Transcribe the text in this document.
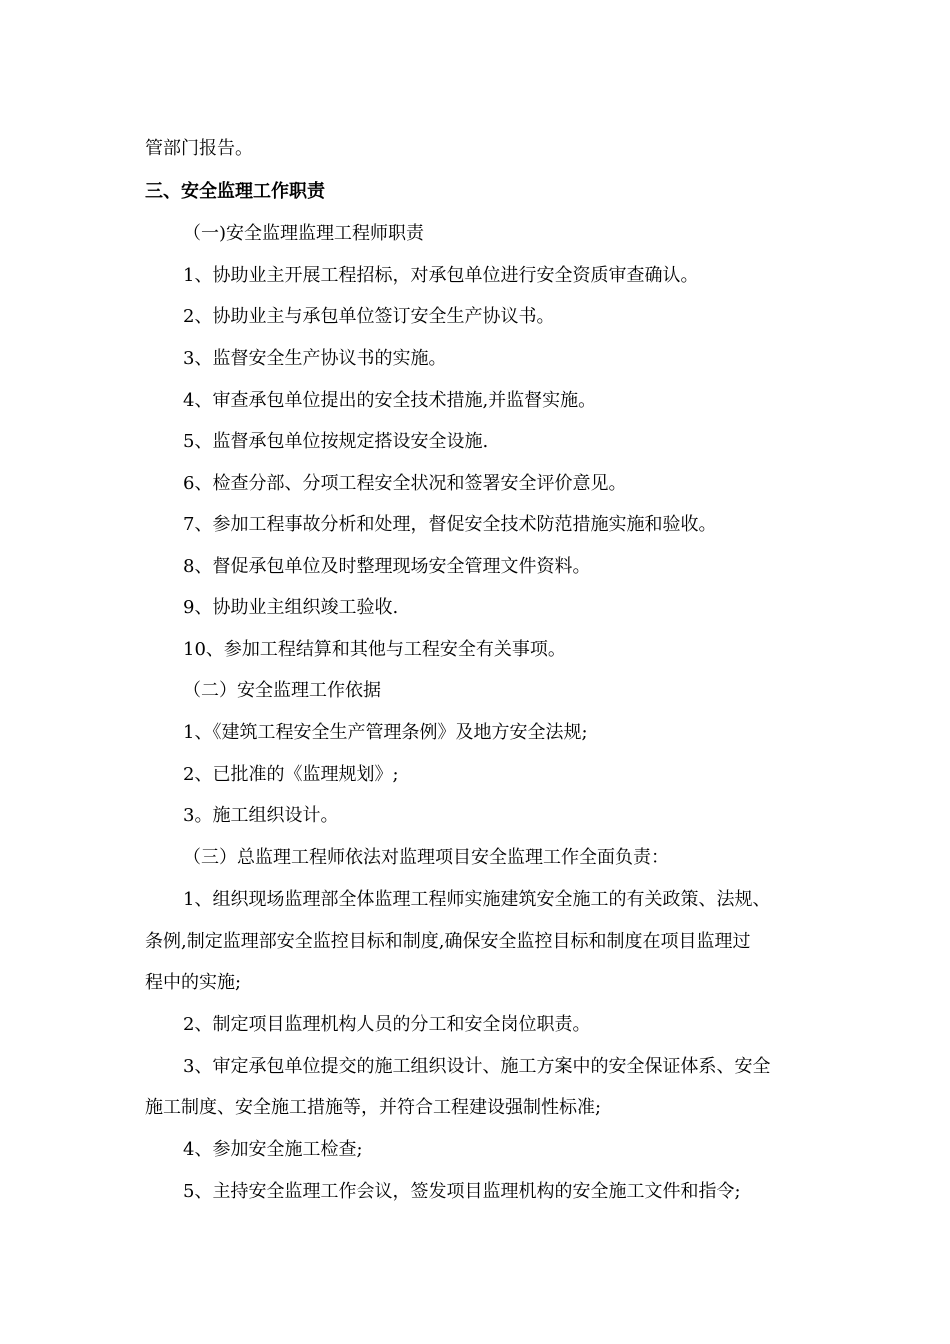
管部门报告。
三、安全监理工作职责
（一)安全监理监理工程师职责
1、协助业主开展工程招标，对承包单位进行安全资质审查确认。
2、协助业主与承包单位签订安全生产协议书。
3、监督安全生产协议书的实施。
4、审查承包单位提出的安全技术措施,并监督实施。
5、监督承包单位按规定搭设安全设施.
6、检查分部、分项工程安全状况和签署安全评价意见。
7、参加工程事故分析和处理，督促安全技术防范措施实施和验收。
8、督促承包单位及时整理现场安全管理文件资料。
9、协助业主组织竣工验收.
10、参加工程结算和其他与工程安全有关事项。
（二）安全监理工作依据
1、《建筑工程安全生产管理条例》及地方安全法规;
2、已批准的《监理规划》;
3。施工组织设计。
（三）总监理工程师依法对监理项目安全监理工作全面负责：
1、组织现场监理部全体监理工程师实施建筑安全施工的有关政策、法规、
条例,制定监理部安全监控目标和制度,确保安全监控目标和制度在项目监理过
程中的实施;
2、制定项目监理机构人员的分工和安全岗位职责。
3、审定承包单位提交的施工组织设计、施工方案中的安全保证体系、安全
施工制度、安全施工措施等，并符合工程建设强制性标准;
4、参加安全施工检查;
5、主持安全监理工作会议，签发项目监理机构的安全施工文件和指令;
